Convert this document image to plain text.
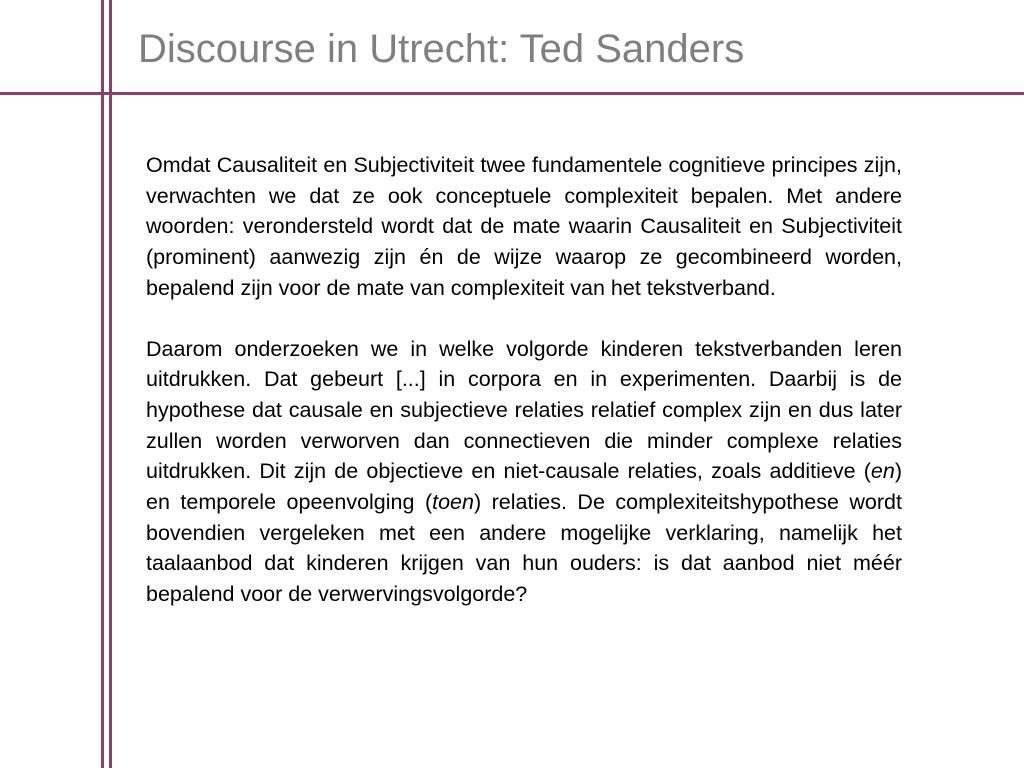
Discourse in Utrecht: Ted Sanders

Omdat Causaliteit en Subjectiviteit twee fundamentele cognitieve principes zijn, verwachten we dat ze ook conceptuele complexiteit bepalen. Met andere woorden: verondersteld wordt dat de mate waarin Causaliteit en Subjectiviteit (prominent) aanwezig zijn én de wijze waarop ze gecombineerd worden, bepalend zijn voor de mate van complexiteit van het tekstverband.

Daarom onderzoeken we in welke volgorde kinderen tekstverbanden leren uitdrukken. Dat gebeurt [...] in corpora en in experimenten. Daarbij is de hypothese dat causale en subjectieve relaties relatief complex zijn en dus later zullen worden verworven dan connectieven die minder complexe relaties uitdrukken. Dit zijn de objectieve en niet-causale relaties, zoals additieve (en) en temporele opeenvolging (toen) relaties. De complexiteitshypothese wordt bovendien vergeleken met een andere mogelijke verklaring, namelijk het taalaanbod dat kinderen krijgen van hun ouders: is dat aanbod niet méér bepalend voor de verwervingsvolgorde?
